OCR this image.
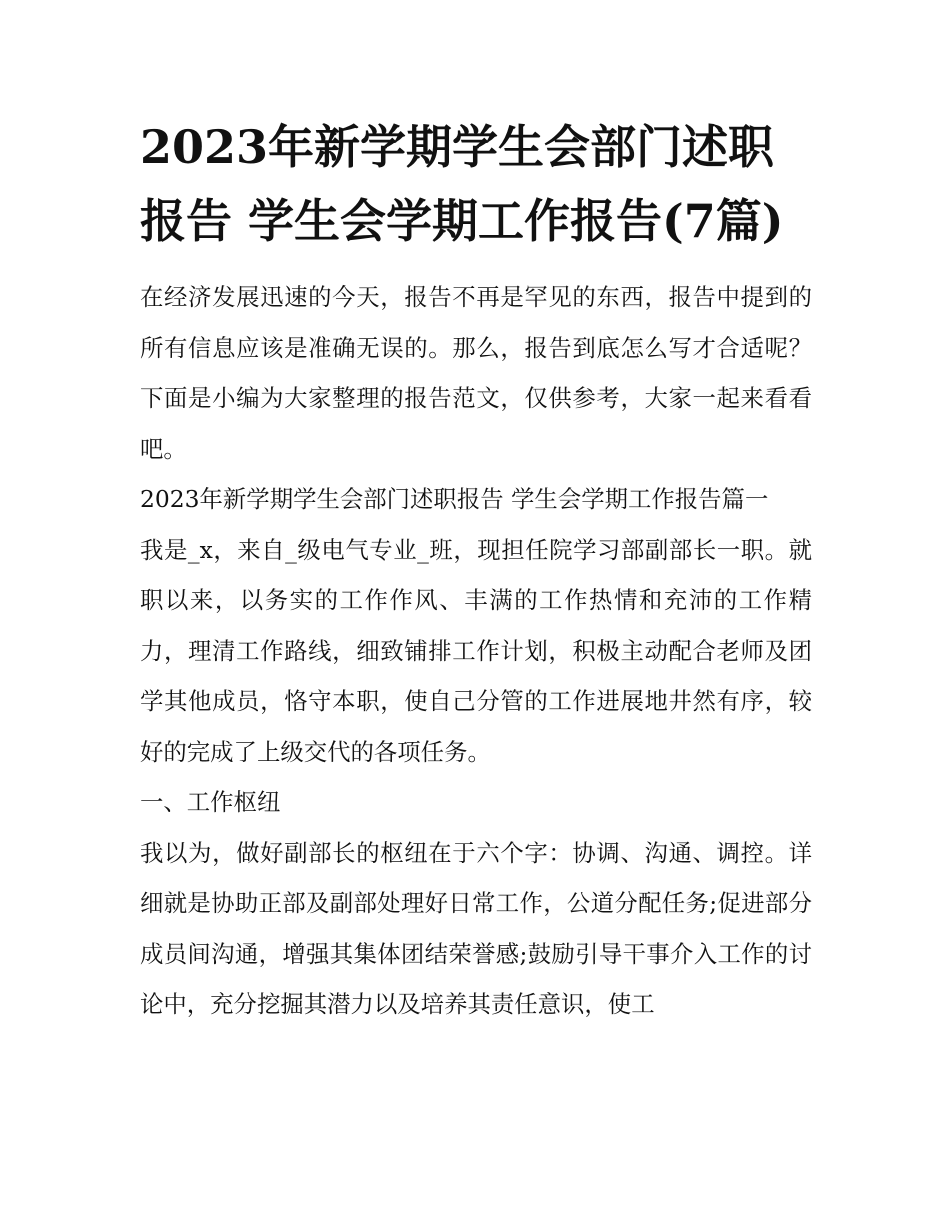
2023年新学期学生会部门述职报告 学生会学期工作报告(7篇)

在经济发展迅速的今天，报告不再是罕见的东西，报告中提到的所有信息应该是准确无误的。那么，报告到底怎么写才合适呢？下面是小编为大家整理的报告范文，仅供参考，大家一起来看看吧。

2023年新学期学生会部门述职报告 学生会学期工作报告篇一

我是_x，来自_级电气专业_班，现担任院学习部副部长一职。就职以来，以务实的工作作风、丰满的工作热情和充沛的工作精力，理清工作路线，细致铺排工作计划，积极主动配合老师及团学其他成员，恪守本职，使自己分管的工作进展地井然有序，较好的完成了上级交代的各项任务。

一、工作枢纽

我以为，做好副部长的枢纽在于六个字：协调、沟通、调控。详细就是协助正部及副部处理好日常工作，公道分配任务;促进部分成员间沟通，增强其集体团结荣誉感;鼓励引导干事介入工作的讨论中，充分挖掘其潜力以及培养其责任意识，使工
